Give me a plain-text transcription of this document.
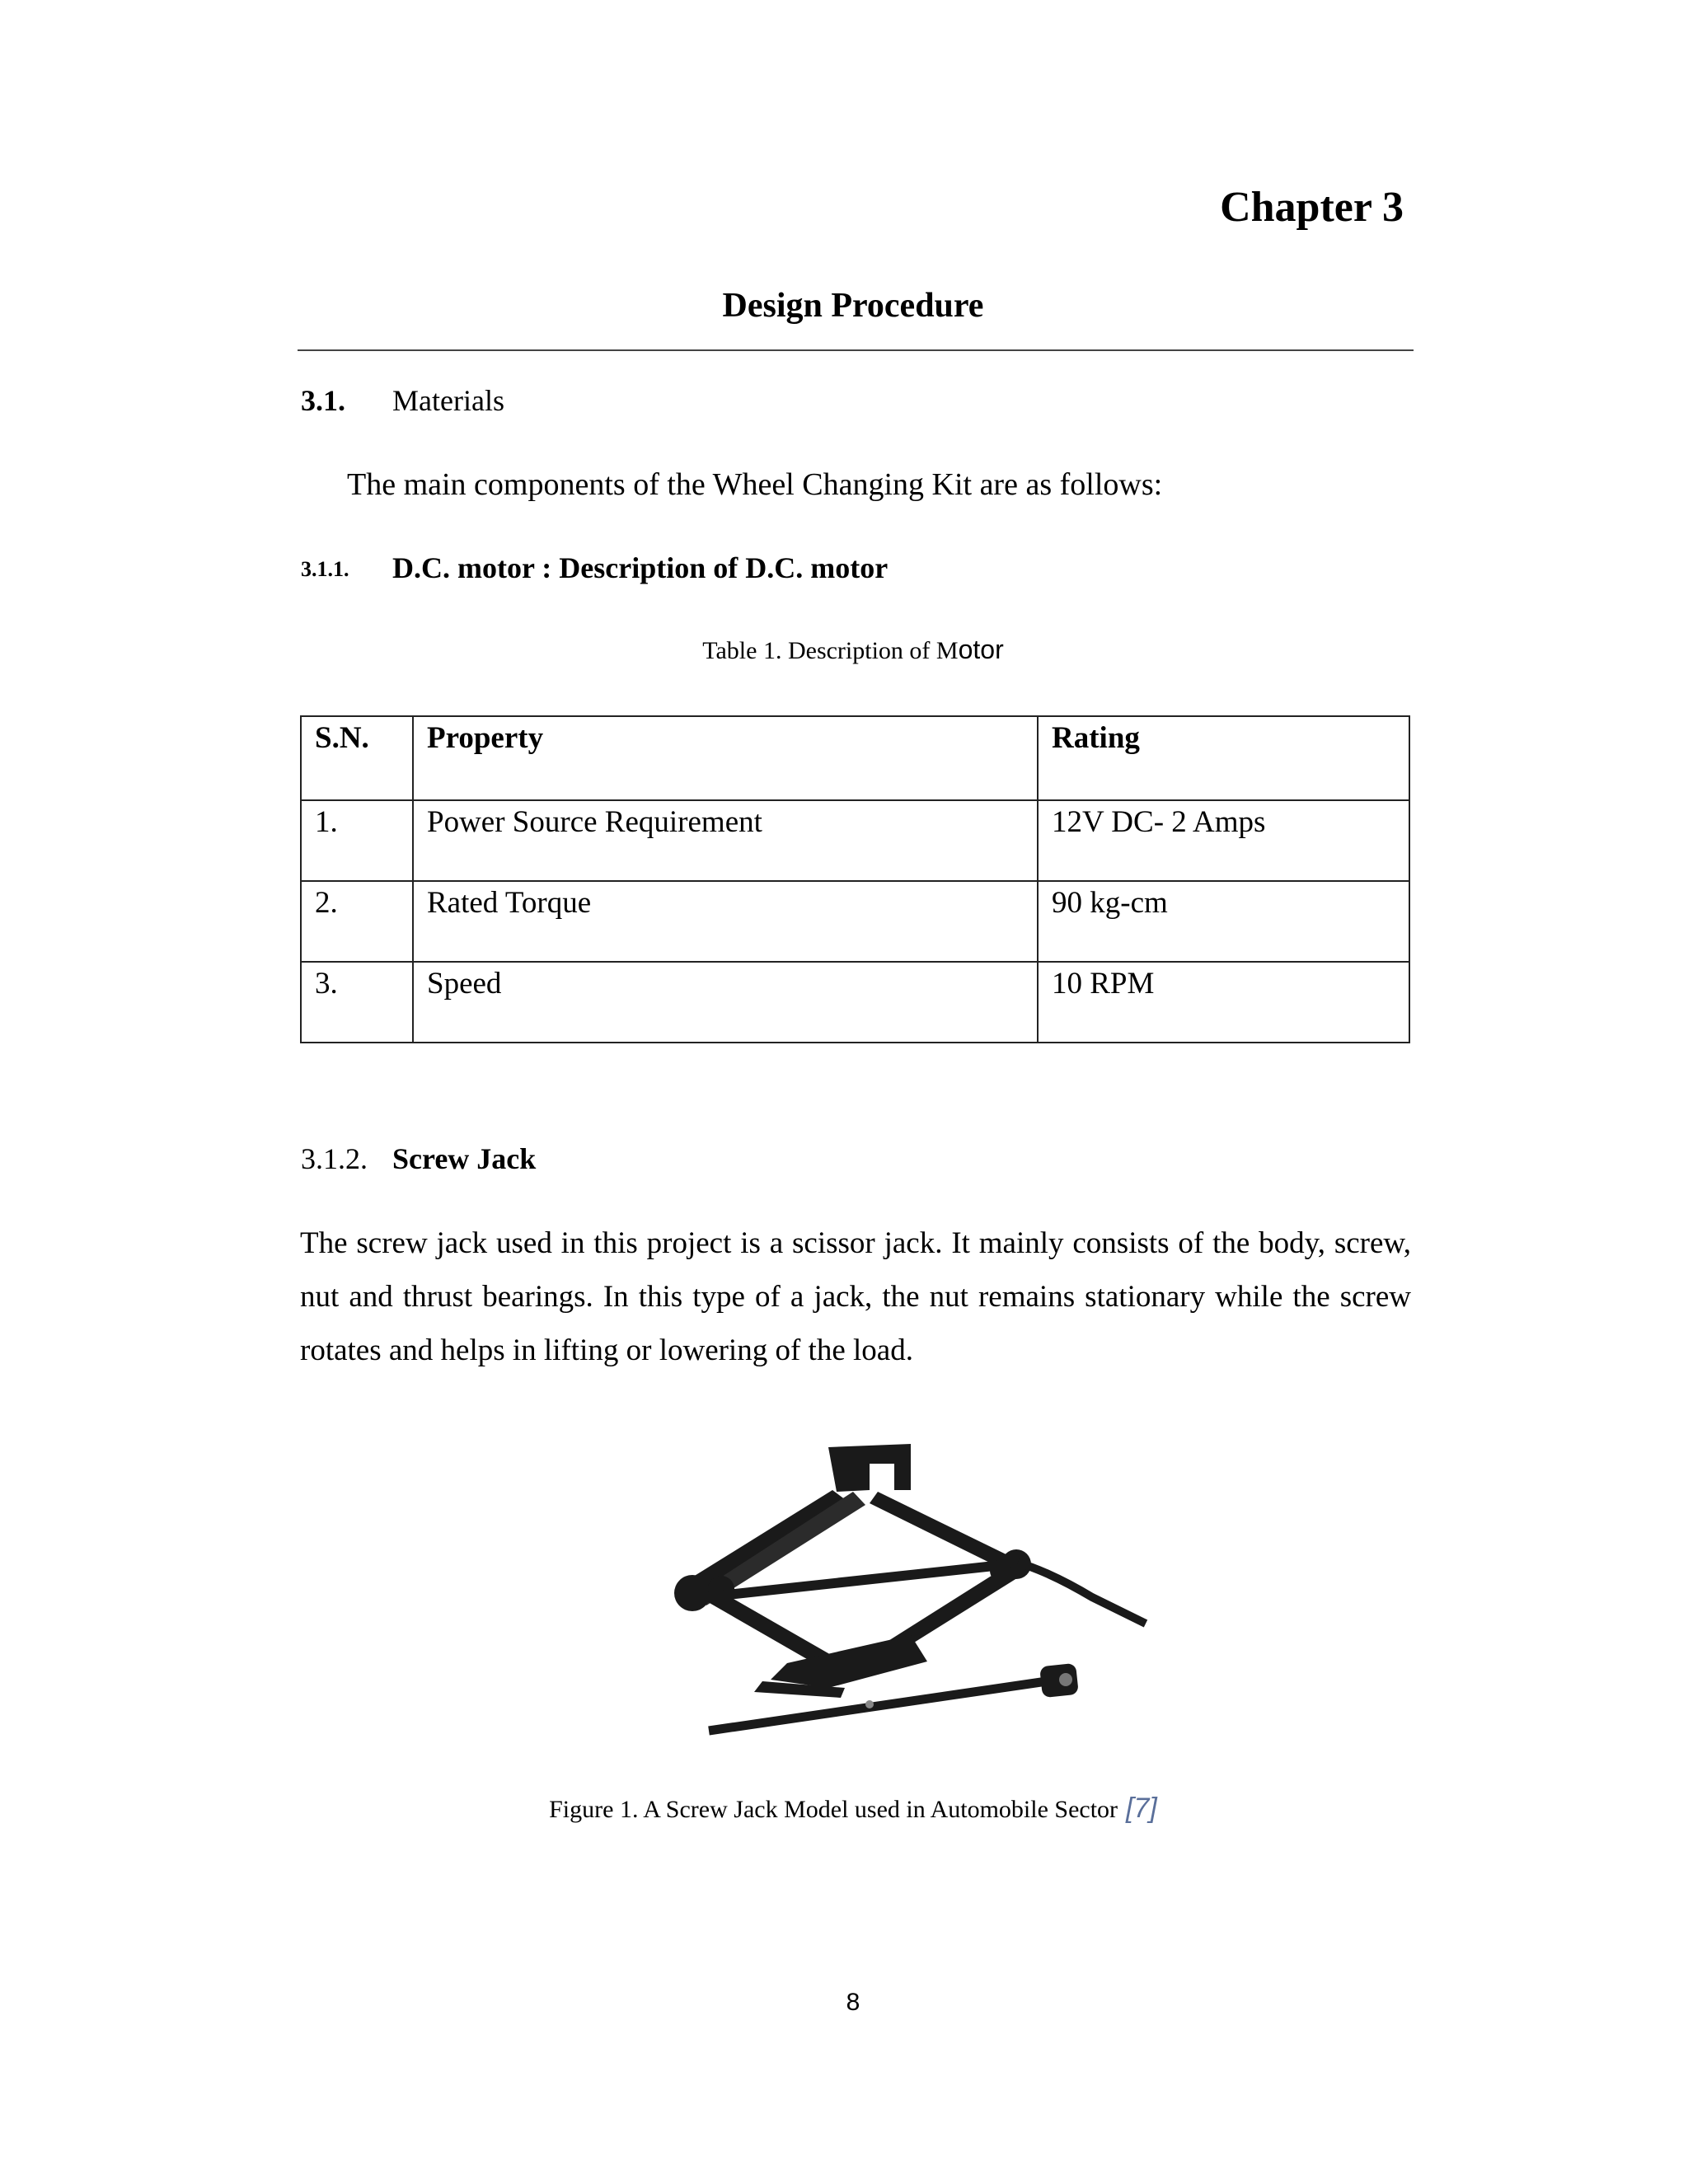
Chapter 3
Design Procedure
3.1. Materials
The main components of the Wheel Changing Kit are as follows:
3.1.1. D.C. motor : Description of D.C. motor
Table 1. Description of Motor
S.N.	Property	Rating
1.	Power Source Requirement	12V DC- 2 Amps
2.	Rated Torque	90 kg-cm
3.	Speed	10 RPM
3.1.2. Screw Jack
The screw jack used in this project is a scissor jack. It mainly consists of the body, screw, nut and thrust bearings. In this type of a jack, the nut remains stationary while the screw rotates and helps in lifting or lowering of the load.
Figure 1. A Screw Jack Model used in Automobile Sector [7]
8
